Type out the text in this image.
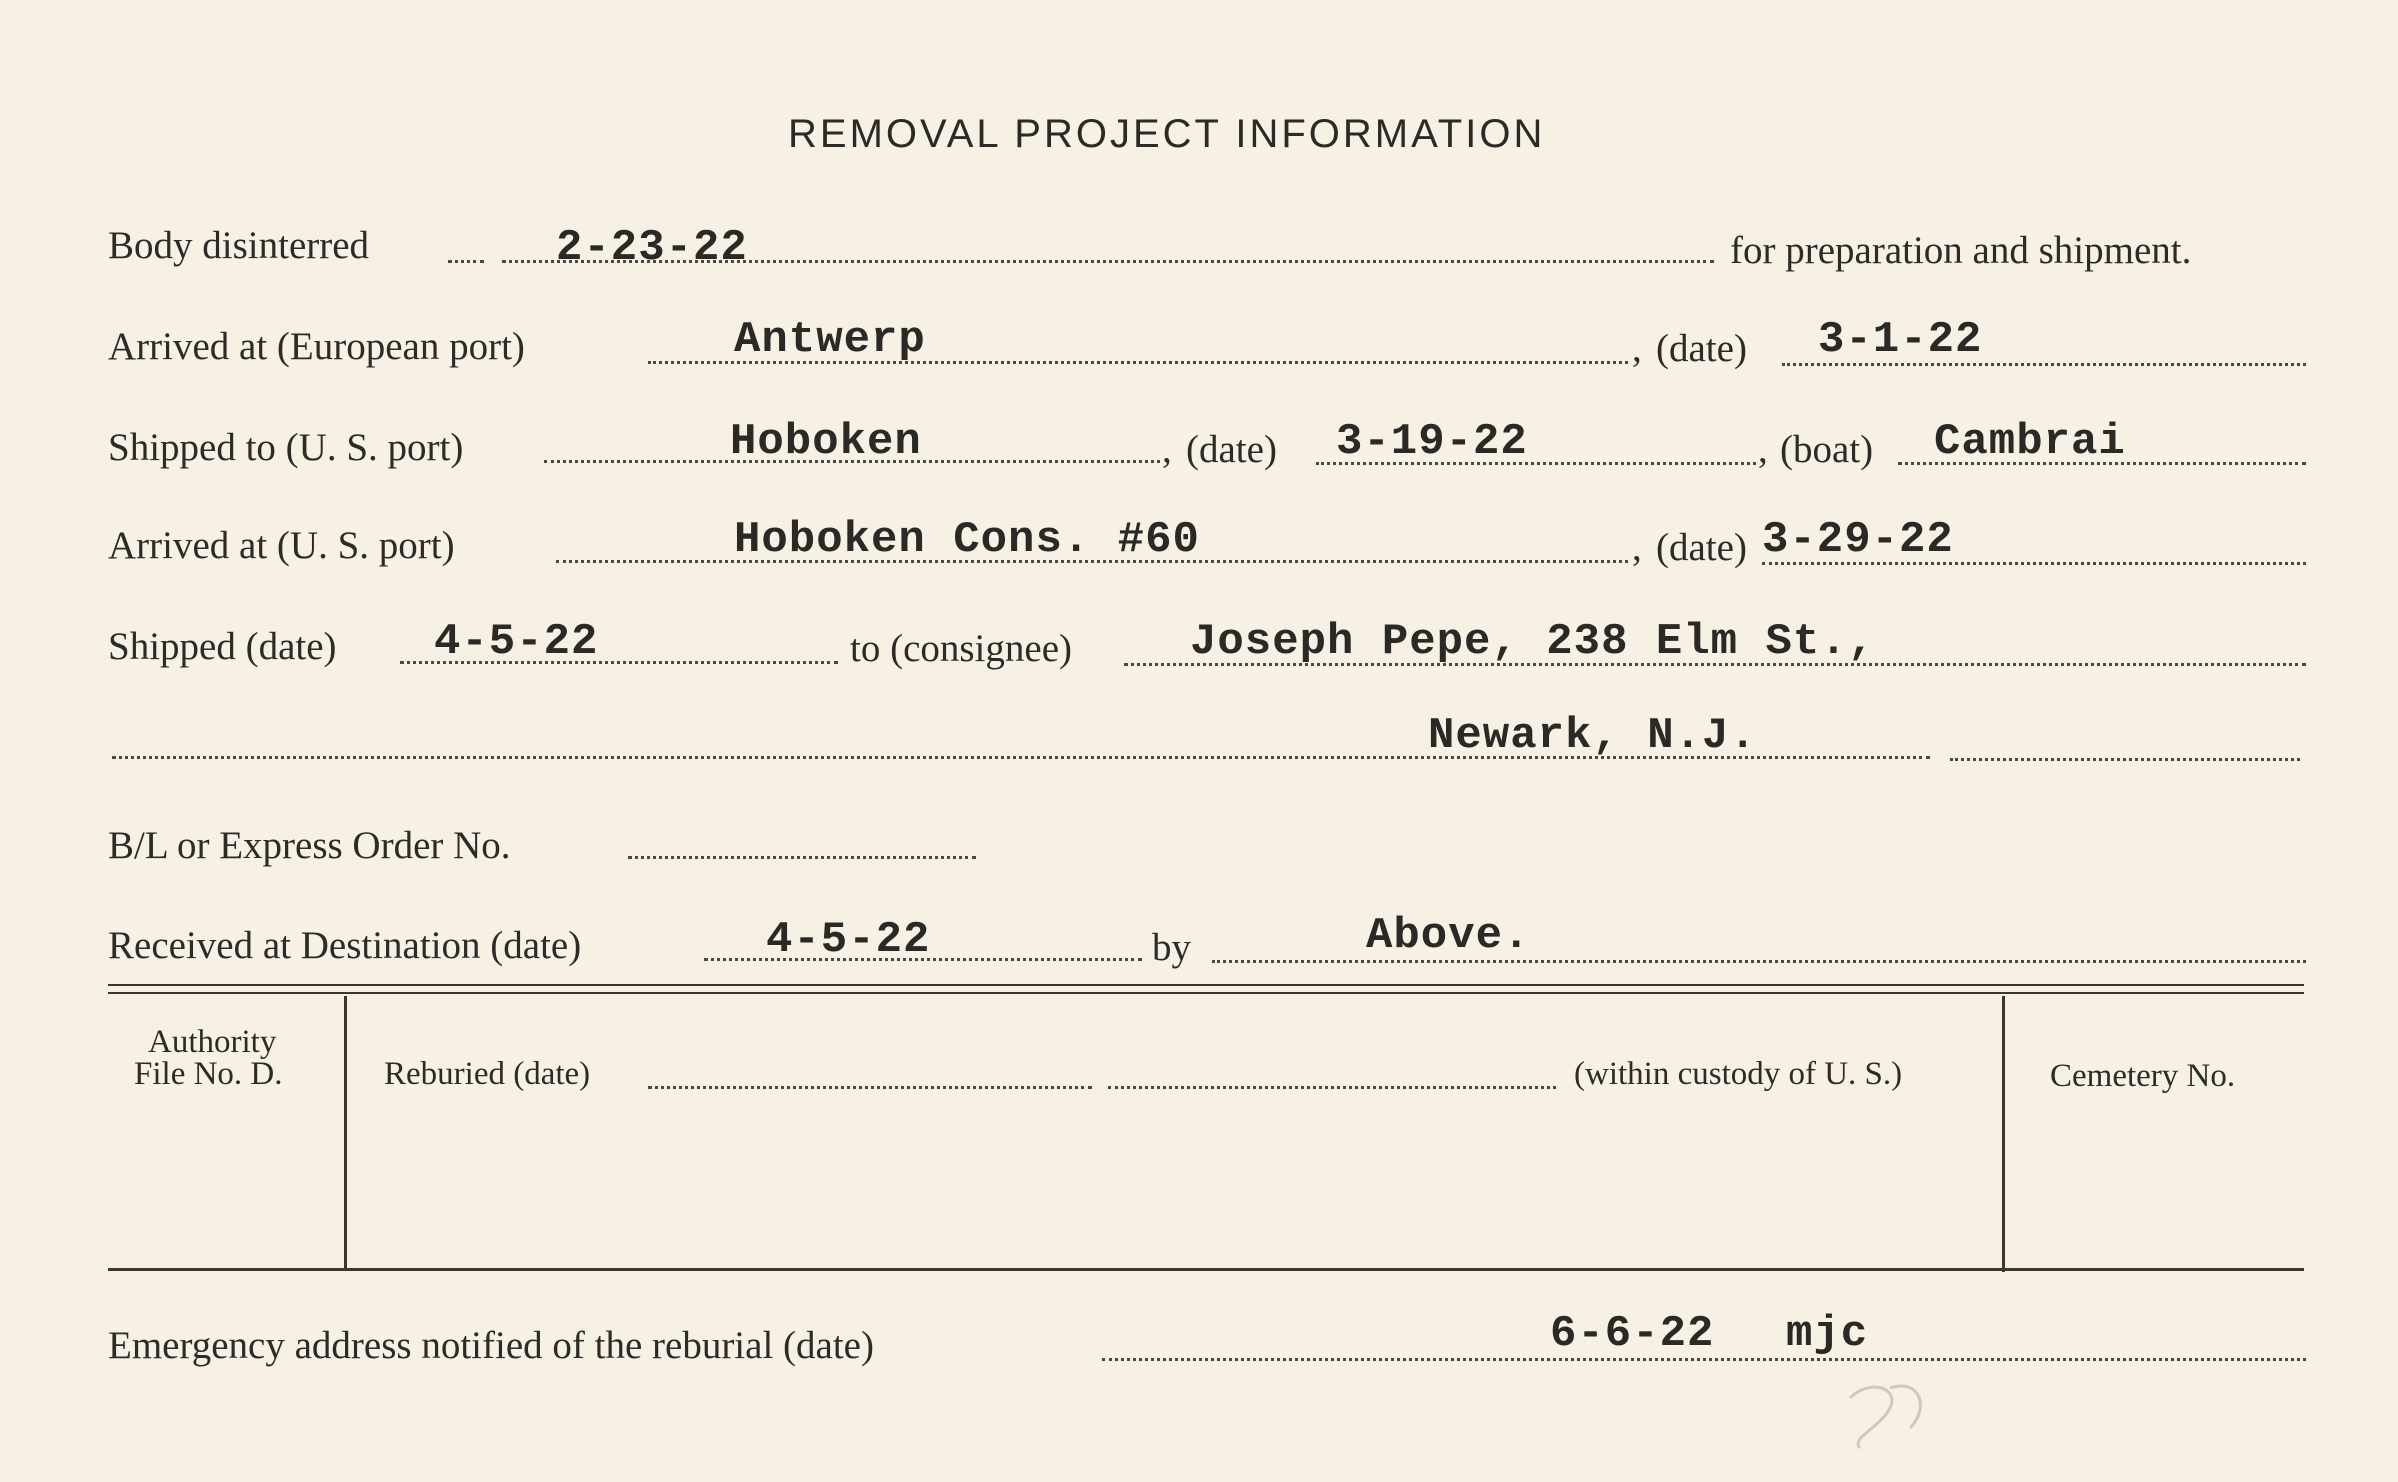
REMOVAL PROJECT INFORMATION
Body disinterred	2-23-22	for preparation and shipment.
Arrived at (European port)	Antwerp	, (date) 3-1-22
Shipped to (U. S. port)	Hoboken	, (date) 3-19-22	, (boat) Cambrai
Arrived at (U. S. port)	Hoboken Cons. #60	, (date) 3-29-22
Shipped (date) 4-5-22	to (consignee)	Joseph Pepe, 238 Elm St.,
Newark, N.J.
B/L or Express Order No.
Received at Destination (date)	4-5-22	by	Above.
Authority
File No. D.	Reburied (date)	(within custody of U. S.)	Cemetery No.
Emergency address notified of the reburial (date)	6-6-22 mjc
